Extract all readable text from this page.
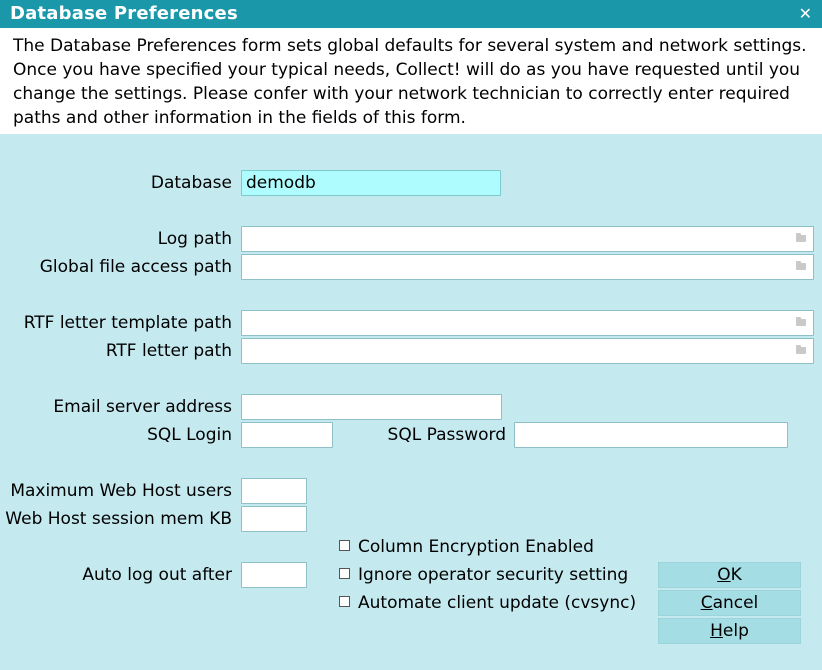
Database Preferences	✕
The Database Preferences form sets global defaults for several system and network settings. Once you have specified your typical needs, Collect! will do as you have requested until you change the settings. Please confer with your network technician to correctly enter required paths and other information in the fields of this form.
Database demodb
Log path
Global file access path
RTF letter template path
RTF letter path
Email server address
SQL Login	SQL Password
Maximum Web Host users
Web Host session mem KB
Auto log out after
Column Encryption Enabled
Ignore operator security setting
Automate client update (cvsync)
OK
Cancel
Help
